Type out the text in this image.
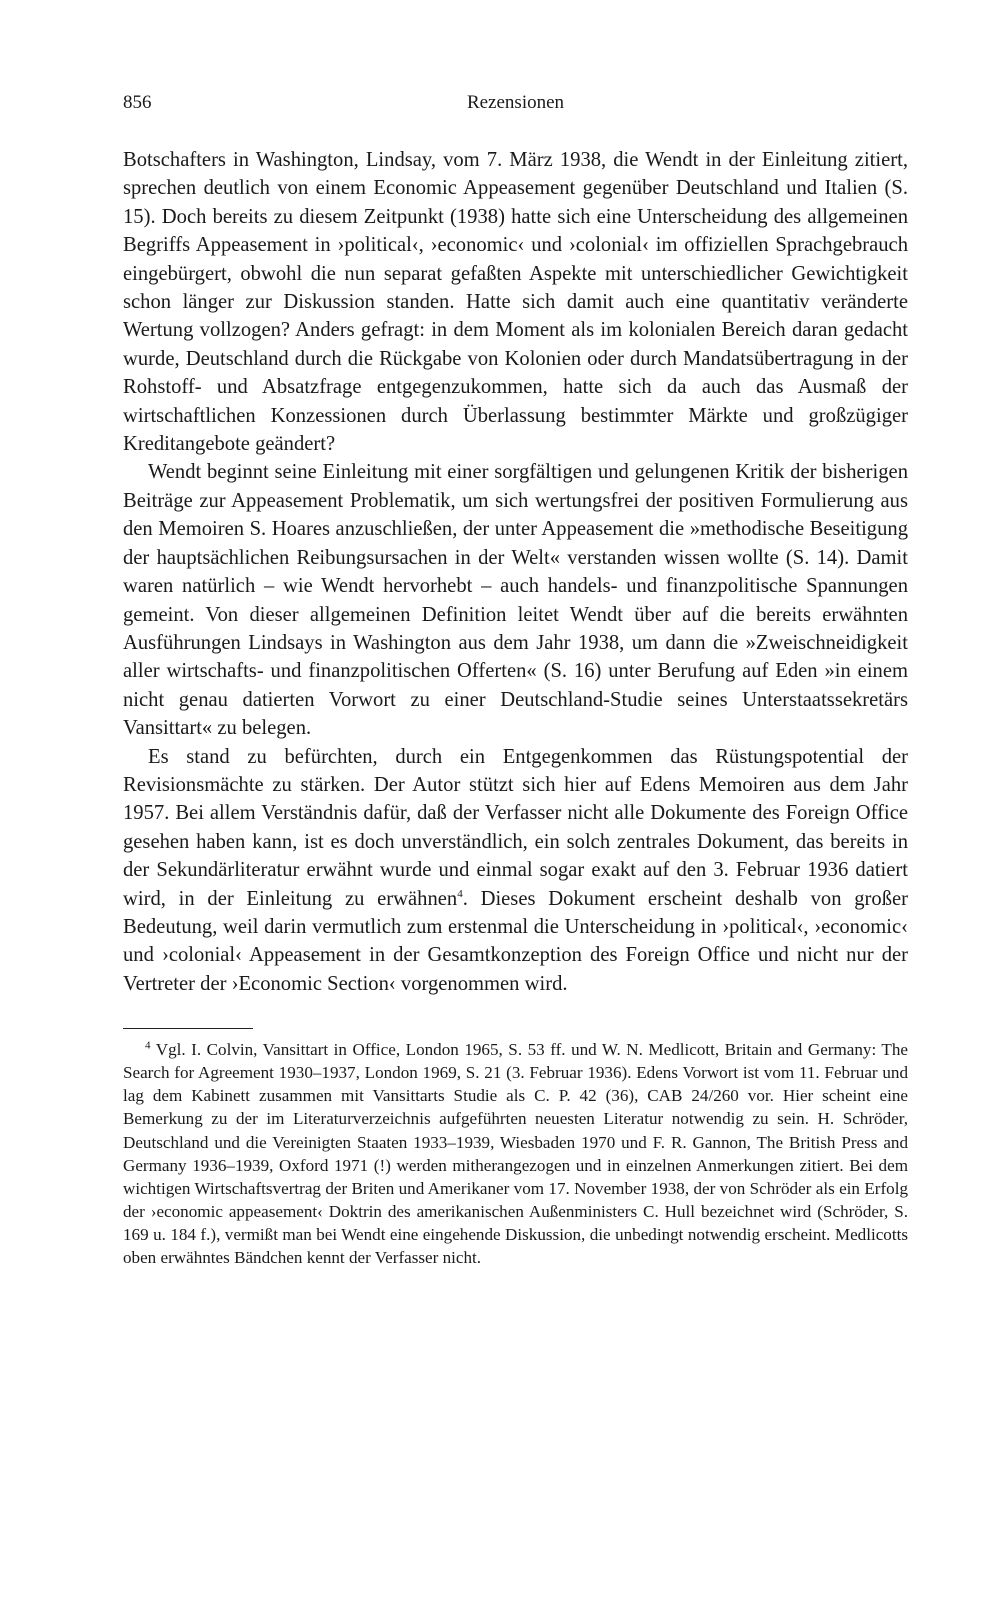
856	Rezensionen

Botschafters in Washington, Lindsay, vom 7. März 1938, die Wendt in der Einleitung zitiert, sprechen deutlich von einem Economic Appeasement gegenüber Deutschland und Italien (S. 15). Doch bereits zu diesem Zeitpunkt (1938) hatte sich eine Unterscheidung des allgemeinen Begriffs Appeasement in ›political‹, ›economic‹ und ›colonial‹ im offiziellen Sprachgebrauch eingebürgert, obwohl die nun separat gefaßten Aspekte mit unterschiedlicher Gewichtigkeit schon länger zur Diskussion standen. Hatte sich damit auch eine quantitativ veränderte Wertung vollzogen? Anders gefragt: in dem Moment als im kolonialen Bereich daran gedacht wurde, Deutschland durch die Rückgabe von Kolonien oder durch Mandatsübertragung in der Rohstoff- und Absatzfrage entgegenzukommen, hatte sich da auch das Ausmaß der wirtschaftlichen Konzessionen durch Überlassung bestimmter Märkte und großzügiger Kreditangebote geändert?

Wendt beginnt seine Einleitung mit einer sorgfältigen und gelungenen Kritik der bisherigen Beiträge zur Appeasement Problematik, um sich wertungsfrei der positiven Formulierung aus den Memoiren S. Hoares anzuschließen, der unter Appeasement die »methodische Beseitigung der hauptsächlichen Reibungsursachen in der Welt« verstanden wissen wollte (S. 14). Damit waren natürlich – wie Wendt hervorhebt – auch handels- und finanzpolitische Spannungen gemeint. Von dieser allgemeinen Definition leitet Wendt über auf die bereits erwähnten Ausführungen Lindsays in Washington aus dem Jahr 1938, um dann die »Zweischneidigkeit aller wirtschafts- und finanzpolitischen Offerten« (S. 16) unter Berufung auf Eden »in einem nicht genau datierten Vorwort zu einer Deutschland-Studie seines Unterstaatssekretärs Vansittart« zu belegen.

Es stand zu befürchten, durch ein Entgegenkommen das Rüstungspotential der Revisionsmächte zu stärken. Der Autor stützt sich hier auf Edens Memoiren aus dem Jahr 1957. Bei allem Verständnis dafür, daß der Verfasser nicht alle Dokumente des Foreign Office gesehen haben kann, ist es doch unverständlich, ein solch zentrales Dokument, das bereits in der Sekundärliteratur erwähnt wurde und einmal sogar exakt auf den 3. Februar 1936 datiert wird, in der Einleitung zu erwähnen$^4$. Dieses Dokument erscheint deshalb von großer Bedeutung, weil darin vermutlich zum erstenmal die Unterscheidung in ›political‹, ›economic‹ und ›colonial‹ Appeasement in der Gesamtkonzeption des Foreign Office und nicht nur der Vertreter der ›Economic Section‹ vorgenommen wird.

$^4$ Vgl. I. Colvin, Vansittart in Office, London 1965, S. 53 ff. und W. N. Medlicott, Britain and Germany: The Search for Agreement 1930–1937, London 1969, S. 21 (3. Februar 1936). Edens Vorwort ist vom 11. Februar und lag dem Kabinett zusammen mit Vansittarts Studie als C. P. 42 (36), CAB 24/260 vor. Hier scheint eine Bemerkung zu der im Literaturverzeichnis aufgeführten neuesten Literatur notwendig zu sein. H. Schröder, Deutschland und die Vereinigten Staaten 1933–1939, Wiesbaden 1970 und F. R. Gannon, The British Press and Germany 1936–1939, Oxford 1971 (!) werden mitherangezogen und in einzelnen Anmerkungen zitiert. Bei dem wichtigen Wirtschaftsvertrag der Briten und Amerikaner vom 17. November 1938, der von Schröder als ein Erfolg der ›economic appeasement‹ Doktrin des amerikanischen Außenministers C. Hull bezeichnet wird (Schröder, S. 169 u. 184 f.), vermißt man bei Wendt eine eingehende Diskussion, die unbedingt notwendig erscheint. Medlicotts oben erwähntes Bändchen kennt der Verfasser nicht.
